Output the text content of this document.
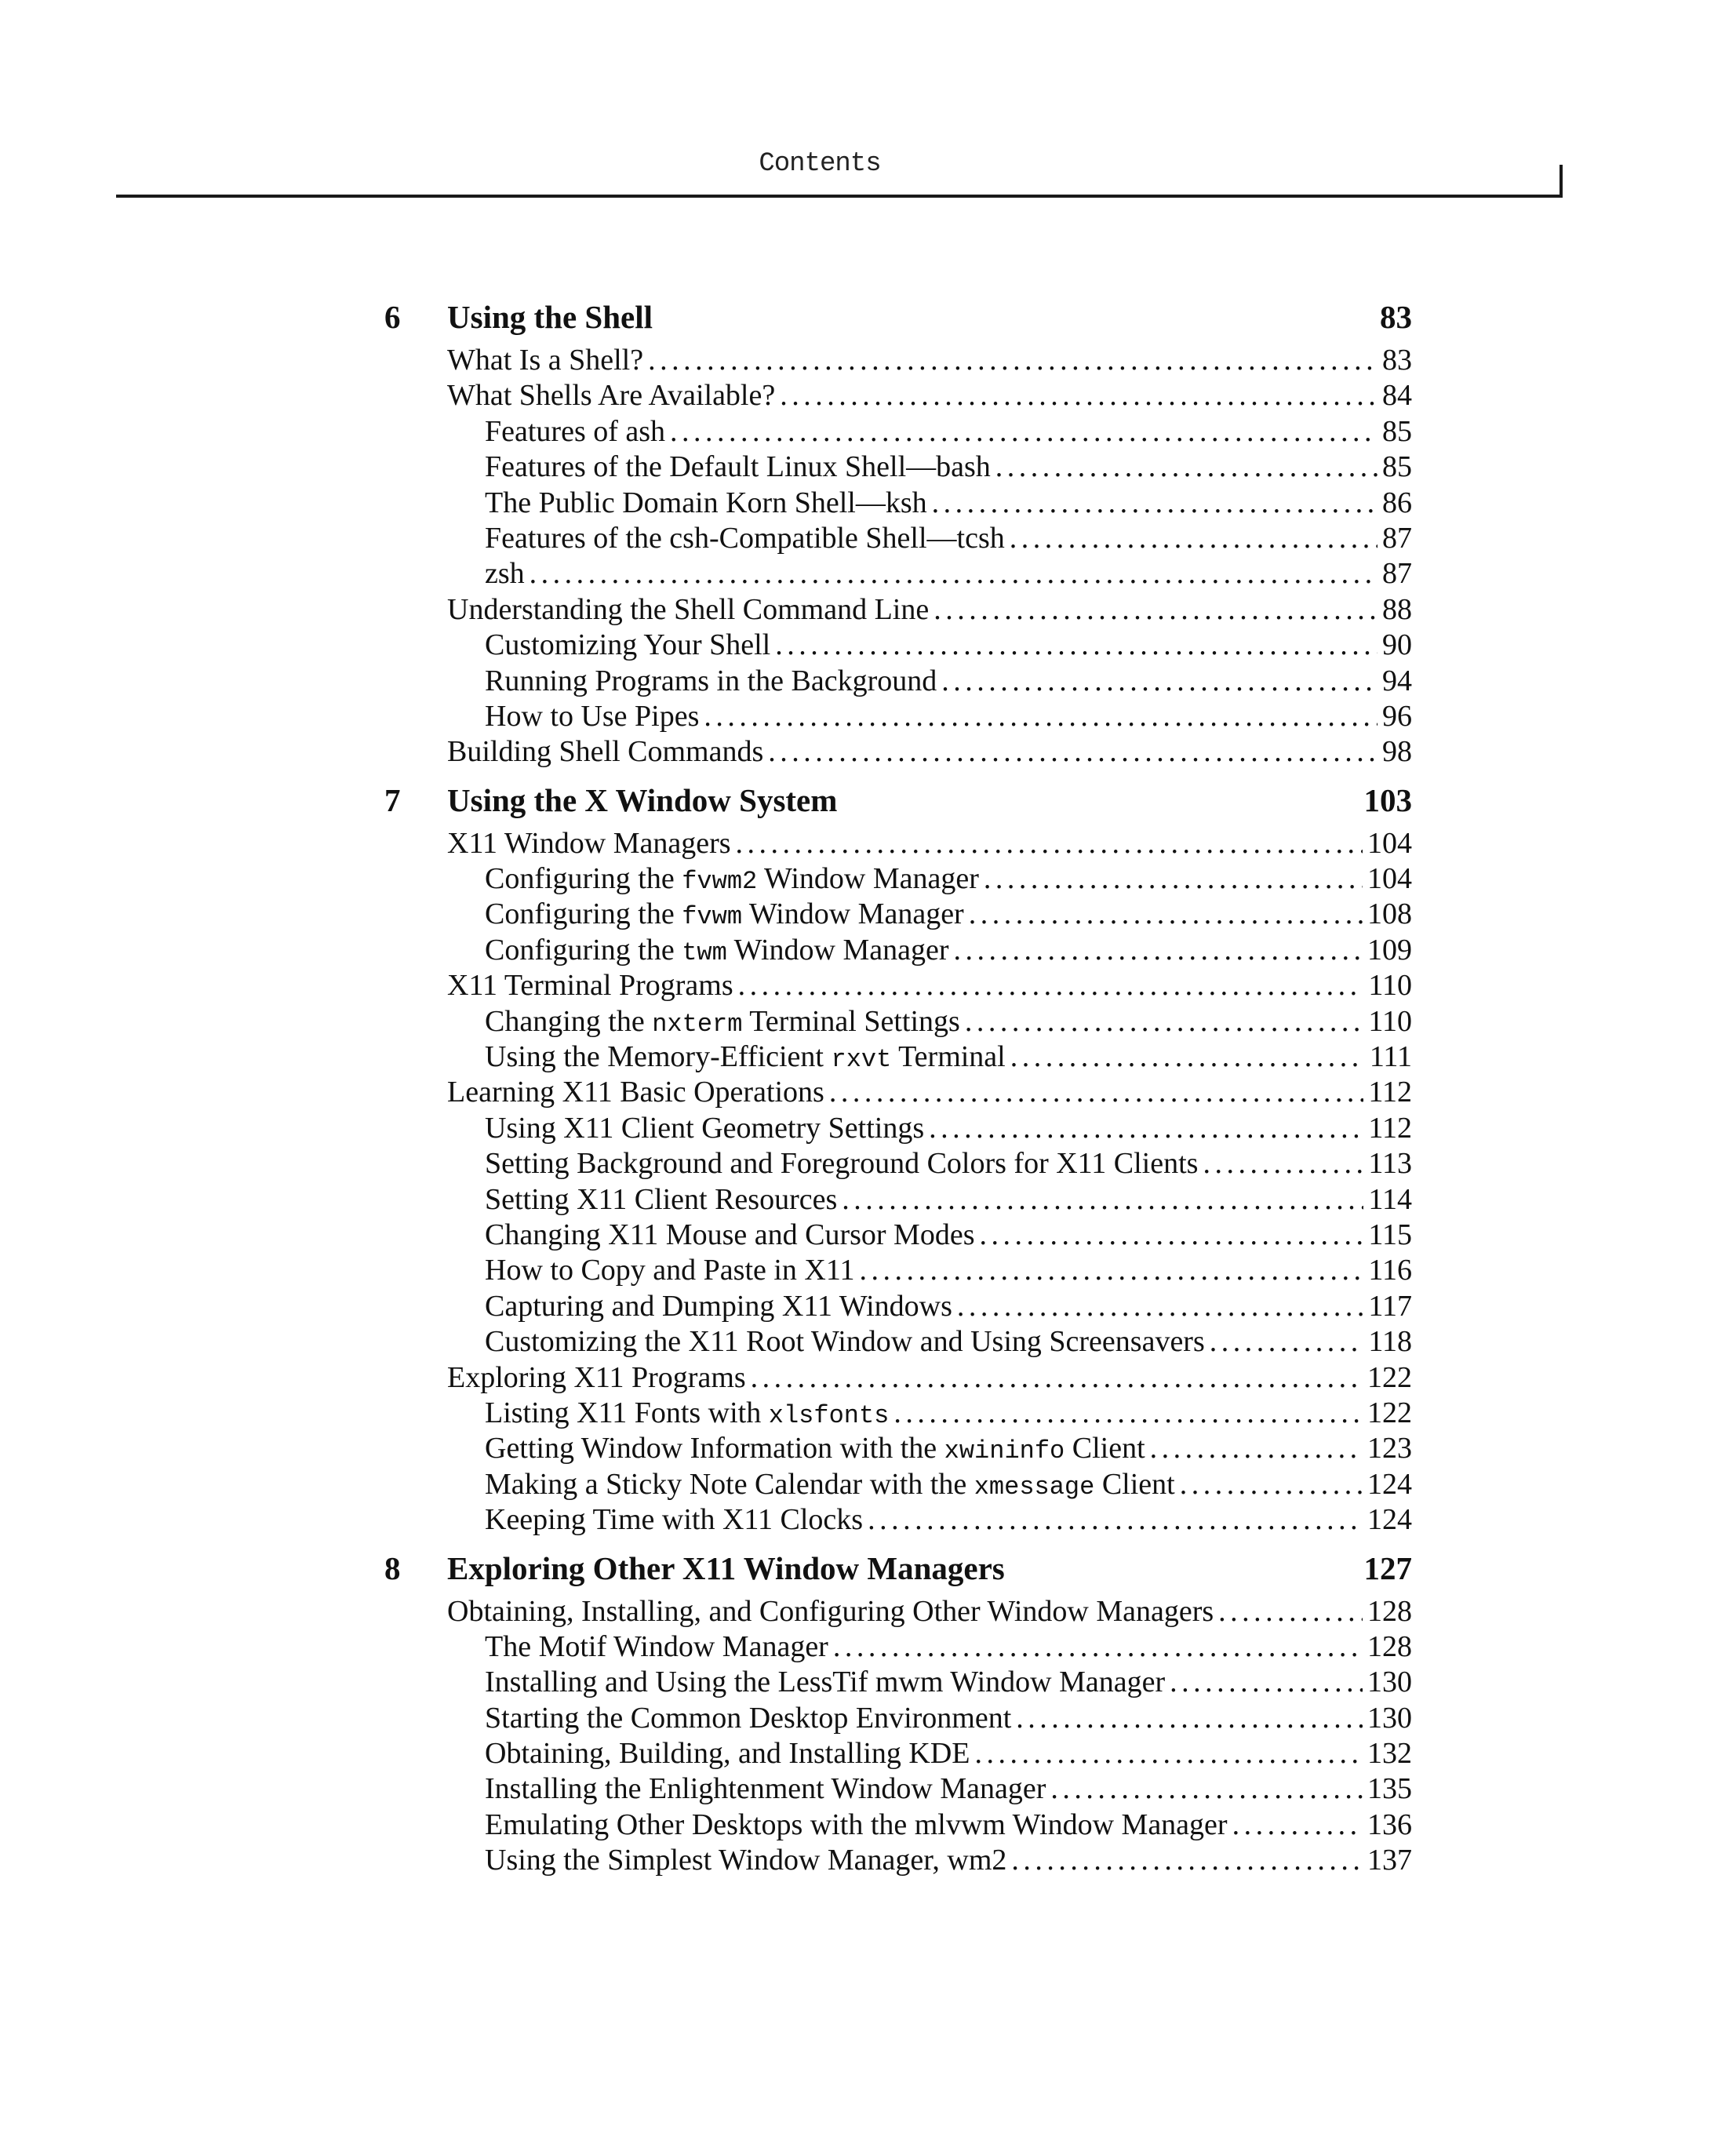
Contents
6 Using the Shell	83
What Is a Shell? . . .	83
What Shells Are Available? . . .	84
Features of ash . . .	85
Features of the Default Linux Shell—bash . . .	85
The Public Domain Korn Shell—ksh . . .	86
Features of the csh-Compatible Shell—tcsh . . .	87
zsh . . .	87
Understanding the Shell Command Line . . .	88
Customizing Your Shell . . .	90
Running Programs in the Background . . .	94
How to Use Pipes . . .	96
Building Shell Commands . . .	98
7 Using the X Window System	103
X11 Window Managers . . .	104
Configuring the fvwm2 Window Manager . . .	104
Configuring the fvwm Window Manager . . .	108
Configuring the twm Window Manager . . .	109
X11 Terminal Programs . . .	110
Changing the nxterm Terminal Settings . . .	110
Using the Memory-Efficient rxvt Terminal . . .	111
Learning X11 Basic Operations . . .	112
Using X11 Client Geometry Settings . . .	112
Setting Background and Foreground Colors for X11 Clients . . .	113
Setting X11 Client Resources . . .	114
Changing X11 Mouse and Cursor Modes . . .	115
How to Copy and Paste in X11 . . .	116
Capturing and Dumping X11 Windows . . .	117
Customizing the X11 Root Window and Using Screensavers . . .	118
Exploring X11 Programs . . .	122
Listing X11 Fonts with xlsfonts . . .	122
Getting Window Information with the xwininfo Client . . .	123
Making a Sticky Note Calendar with the xmessage Client . . .	124
Keeping Time with X11 Clocks . . .	124
8 Exploring Other X11 Window Managers	127
Obtaining, Installing, and Configuring Other Window Managers . . .	128
The Motif Window Manager . . .	128
Installing and Using the LessTif mwm Window Manager . . .	130
Starting the Common Desktop Environment . . .	130
Obtaining, Building, and Installing KDE . . .	132
Installing the Enlightenment Window Manager . . .	135
Emulating Other Desktops with the mlvwm Window Manager . . .	136
Using the Simplest Window Manager, wm2 . . .	137
